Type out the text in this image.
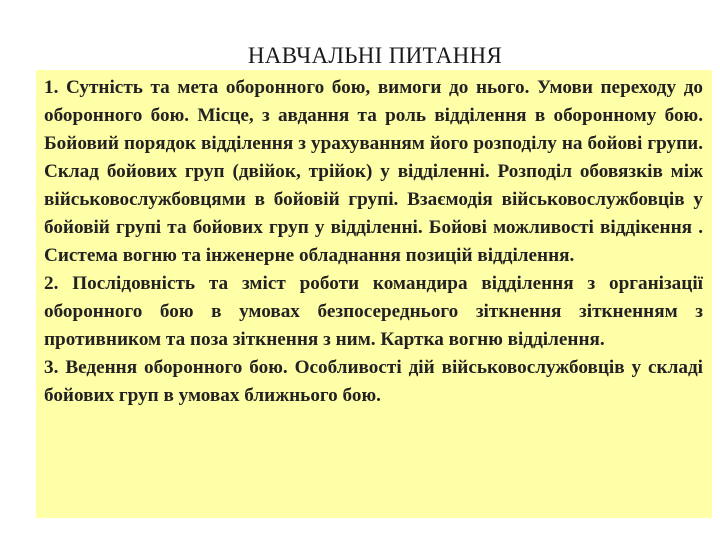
НАВЧАЛЬНІ ПИТАННЯ

1. Сутність та мета оборонного бою, вимоги до нього. Умови переходу до оборонного бою. Місце, з авдання та роль відділення в оборонному бою. Бойовий порядок відділення з урахуванням його розподілу на бойові групи. Склад бойових груп (двійок, трійок) у відділенні. Розподіл обовязків між військовослужбовцями в бойовій групі. Взаємодія військовослужбовців у бойовій групі та бойових груп у відділенні. Бойові можливості віддікення . Система вогню та інженерне обладнання позицій відділення.

2. Послідовність та зміст роботи командира відділення з організації оборонного бою в умовах безпосереднього зіткнення зіткненням з противником та поза зіткнення з ним. Картка вогню відділення.

3. Ведення оборонного бою. Особливості дій військовослужбовців у складі бойових груп в умовах ближнього бою.
